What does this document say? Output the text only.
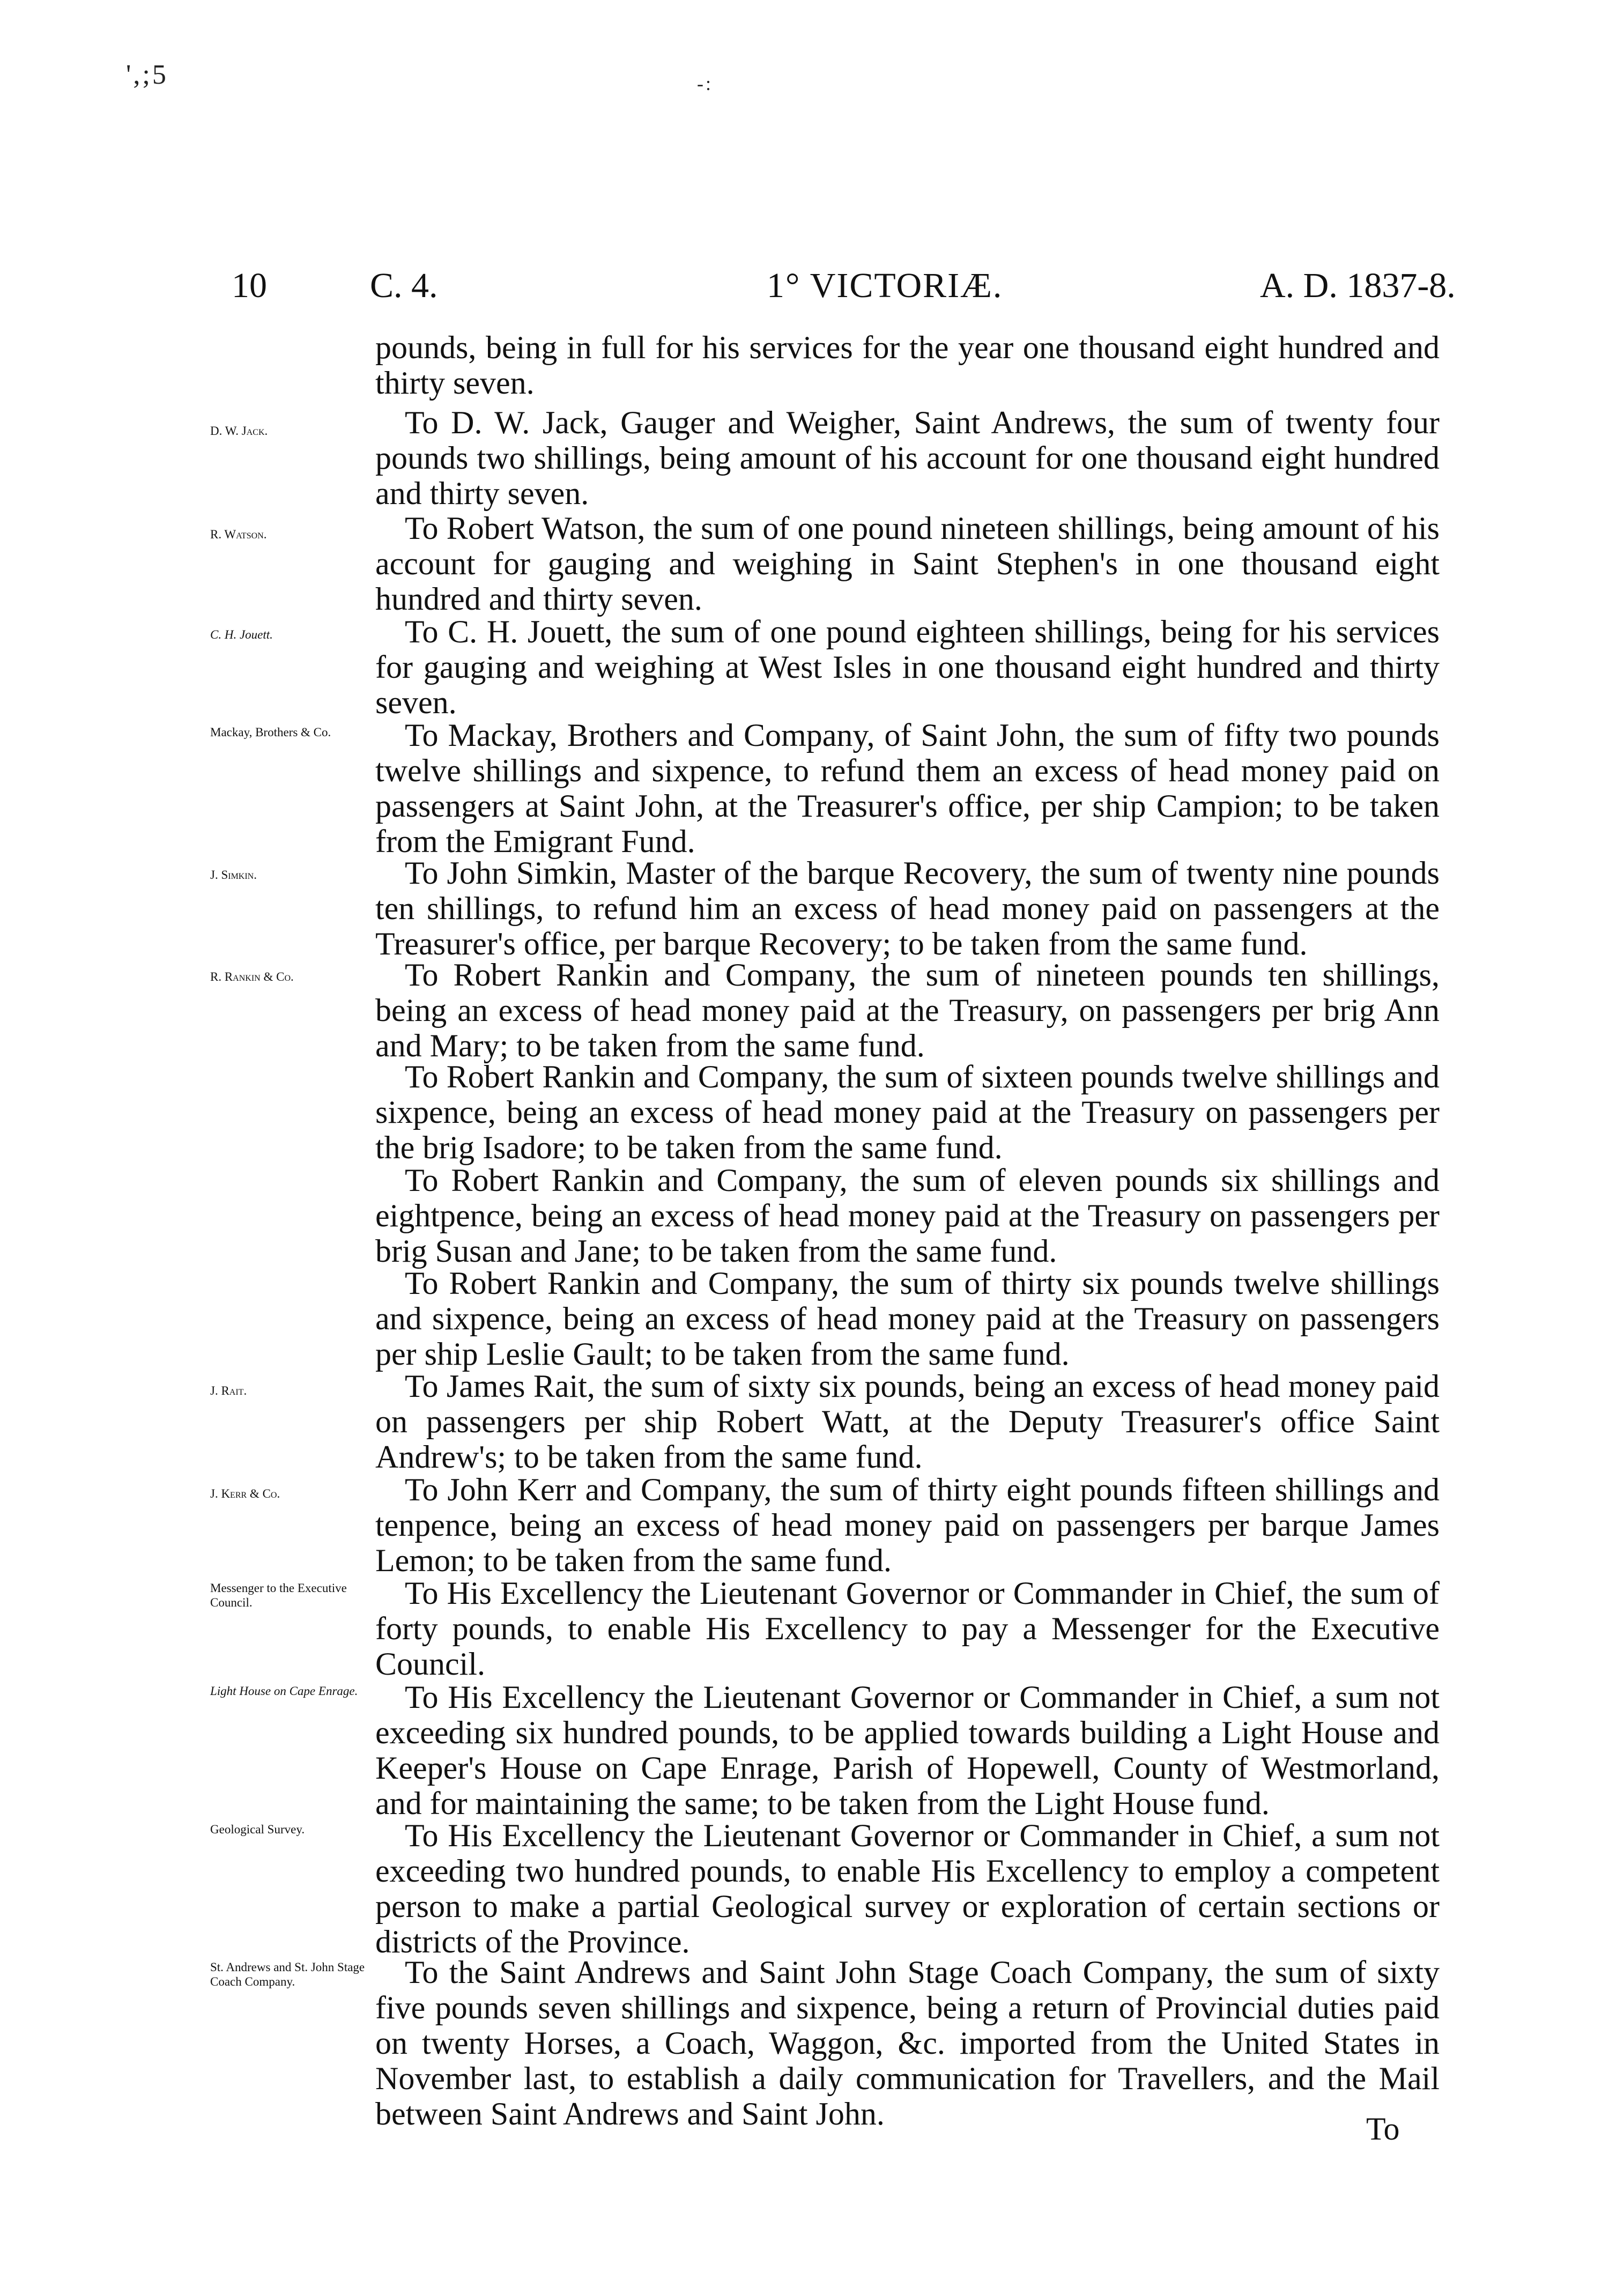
',;5	-:
10	C. 4.	1° VICTORIÆ.	A. D. 1837-8.

pounds, being in full for his services for the year one thousand eight hundred and thirty seven.

D. W. Jack.	To D. W. Jack, Gauger and Weigher, Saint Andrews, the sum of twenty four pounds two shillings, being amount of his account for one thousand eight hundred and thirty seven.

R. Watson.	To Robert Watson, the sum of one pound nineteen shillings, being amount of his account for gauging and weighing in Saint Stephen's in one thousand eight hundred and thirty seven.

C. H. Jouett.	To C. H. Jouett, the sum of one pound eighteen shillings, being for his services for gauging and weighing at West Isles in one thousand eight hundred and thirty seven.

Mackay, Brothers & Co.	To Mackay, Brothers and Company, of Saint John, the sum of fifty two pounds twelve shillings and sixpence, to refund them an excess of head money paid on passengers at Saint John, at the Treasurer's office, per ship Campion; to be taken from the Emigrant Fund.

J. Simkin.	To John Simkin, Master of the barque Recovery, the sum of twenty nine pounds ten shillings, to refund him an excess of head money paid on passengers at the Treasurer's office, per barque Recovery; to be taken from the same fund.

R. Rankin & Co.	To Robert Rankin and Company, the sum of nineteen pounds ten shillings, being an excess of head money paid at the Treasury, on passengers per brig Ann and Mary; to be taken from the same fund.

To Robert Rankin and Company, the sum of sixteen pounds twelve shillings and sixpence, being an excess of head money paid at the Treasury on passengers per the brig Isadore; to be taken from the same fund.

To Robert Rankin and Company, the sum of eleven pounds six shillings and eightpence, being an excess of head money paid at the Treasury on passengers per brig Susan and Jane; to be taken from the same fund.

To Robert Rankin and Company, the sum of thirty six pounds twelve shillings and sixpence, being an excess of head money paid at the Treasury on passengers per ship Leslie Gault; to be taken from the same fund.

J. Rait.	To James Rait, the sum of sixty six pounds, being an excess of head money paid on passengers per ship Robert Watt, at the Deputy Treasurer's office Saint Andrew's; to be taken from the same fund.

J. Kerr & Co.	To John Kerr and Company, the sum of thirty eight pounds fifteen shillings and tenpence, being an excess of head money paid on passengers per barque James Lemon; to be taken from the same fund.

Messenger to the Executive Council.	To His Excellency the Lieutenant Governor or Commander in Chief, the sum of forty pounds, to enable His Excellency to pay a Messenger for the Executive Council.

Light House on Cape Enrage.	To His Excellency the Lieutenant Governor or Commander in Chief, a sum not exceeding six hundred pounds, to be applied towards building a Light House and Keeper's House on Cape Enrage, Parish of Hopewell, County of Westmorland, and for maintaining the same; to be taken from the Light House fund.

Geological Survey.	To His Excellency the Lieutenant Governor or Commander in Chief, a sum not exceeding two hundred pounds, to enable His Excellency to employ a competent person to make a partial Geological survey or exploration of certain sections or districts of the Province.

St. Andrews and St. John Stage Coach Company.	To the Saint Andrews and Saint John Stage Coach Company, the sum of sixty five pounds seven shillings and sixpence, being a return of Provincial duties paid on twenty Horses, a Coach, Waggon, &c. imported from the United States in November last, to establish a daily communication for Travellers, and the Mail between Saint Andrews and Saint John.	To
